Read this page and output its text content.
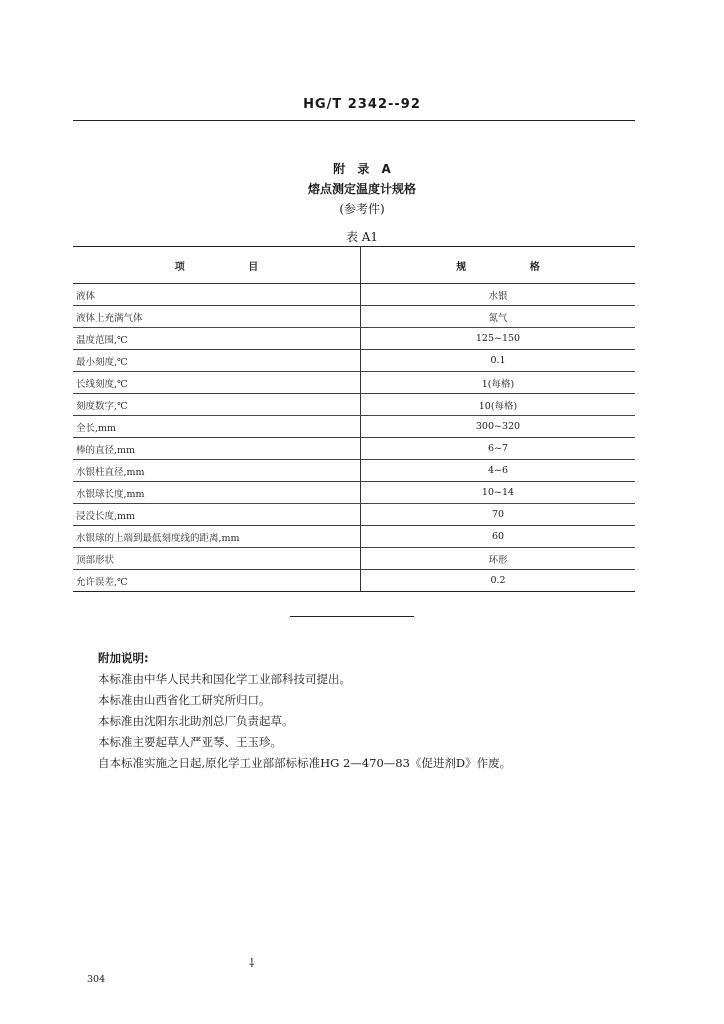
HG/T 2342--92
附 录 A
熔点测定温度计规格
(参考件)
表 A1
项 目	规 格
液体	水银
液体上充满气体	氮气
温度范围,℃	125~150
最小刻度,℃	0.1
长线刻度,℃	1(每格)
刻度数字,℃	10(每格)
全长,mm	300~320
棒的直径,mm	6~7
水银柱直径,mm	4~6
水银球长度,mm	10~14
浸没长度,mm	70
水银球的上端到最低刻度线的距离,mm	60
顶部形状	环形
允许误差,℃	0.2
附加说明:
本标准由中华人民共和国化学工业部科技司提出。
本标准由山西省化工研究所归口。
本标准由沈阳东北助剂总厂负责起草。
本标准主要起草人严亚琴、王玉珍。
自本标准实施之日起,原化学工业部部标标准HG 2—470—83《促进剂D》作废。
⸸
304
